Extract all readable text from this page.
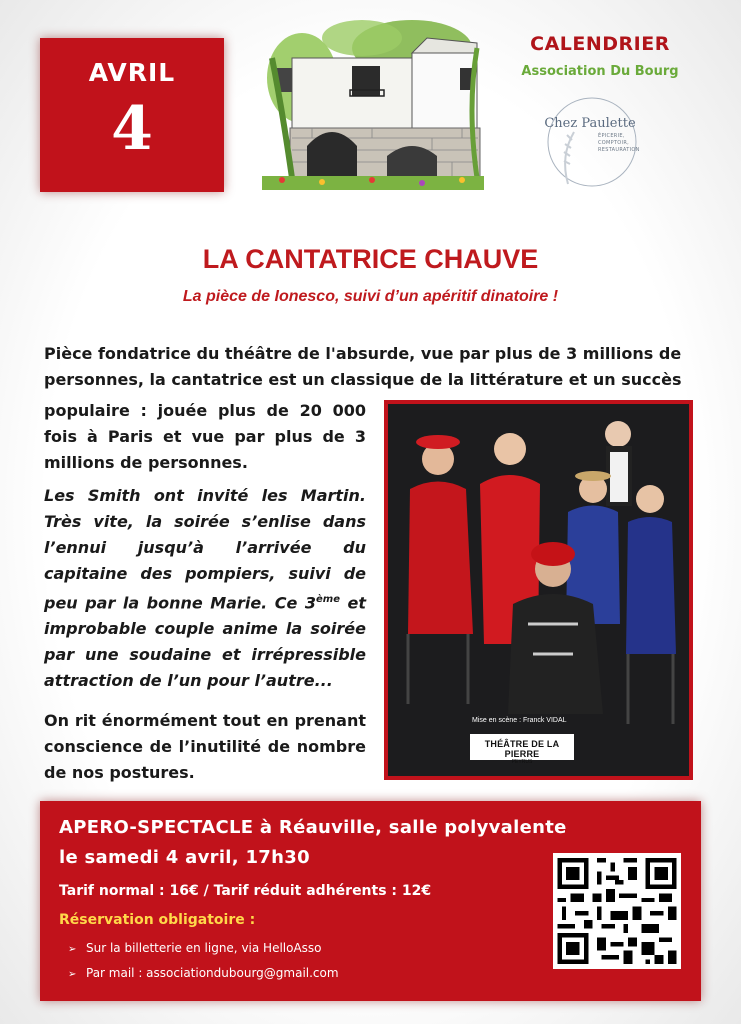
AVRIL
4
CALENDRIER
Association Du Bourg
Chez Paulette
ÉPICERIE, COMPTOIR, RESTAURATION
LA CANTATRICE CHAUVE
La pièce de Ionesco, suivi d’un apéritif dinatoire !
Pièce fondatrice du théâtre de l'absurde, vue par plus de 3 millions de personnes, la cantatrice est un classique de la littérature et un succès
populaire : jouée plus de 20 000 fois à Paris et vue par plus de 3 millions de personnes.
Les Smith ont invité les Martin. Très vite, la soirée s’enlise dans l’ennui jusqu’à l’arrivée du capitaine des pompiers, suivi de peu par la bonne Marie. Ce 3ème et improbable couple anime la soirée par une soudaine et irrépressible attraction de l’un pour l’autre...
On rit énormément tout en prenant conscience de l’inutilité de nombre de nos postures.
Mise en scène : Franck VIDAL
THÉÂTRE DE LA PIERRE
PEYRUS
APERO-SPECTACLE à Réauville, salle polyvalente
le samedi 4 avril, 17h30
Tarif normal : 16€ / Tarif réduit adhérents : 12€
Réservation obligatoire :
➢ Sur la billetterie en ligne, via HelloAsso
➢ Par mail : associationdubourg@gmail.com
